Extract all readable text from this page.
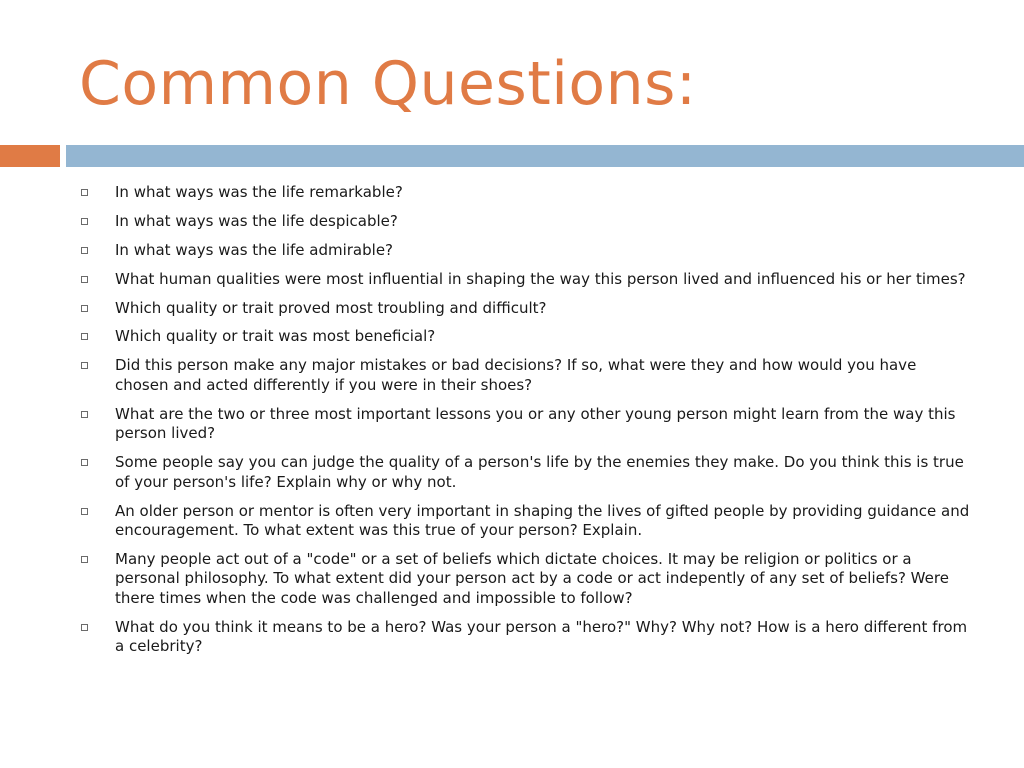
Common Questions:
In what ways was the life remarkable?
In what ways was the life despicable?
In what ways was the life admirable?
What human qualities were most influential in shaping the way this person lived and influenced his or her times?
Which quality or trait proved most troubling and difficult?
Which quality or trait was most beneficial?
Did this person make any major mistakes or bad decisions? If so, what were they and how would you have chosen and acted differently if you were in their shoes?
What are the two or three most important lessons you or any other young person might learn from the way this person lived?
Some people say you can judge the quality of a person's life by the enemies they make. Do you think this is true of your person's life? Explain why or why not.
An older person or mentor is often very important in shaping the lives of gifted people by providing guidance and encouragement. To what extent was this true of your person? Explain.
Many people act out of a "code" or a set of beliefs which dictate choices. It may be religion or politics or a personal philosophy. To what extent did your person act by a code or act indepently of any set of beliefs? Were there times when the code was challenged and impossible to follow?
What do you think it means to be a hero? Was your person a "hero?" Why? Why not? How is a hero different from a celebrity?
